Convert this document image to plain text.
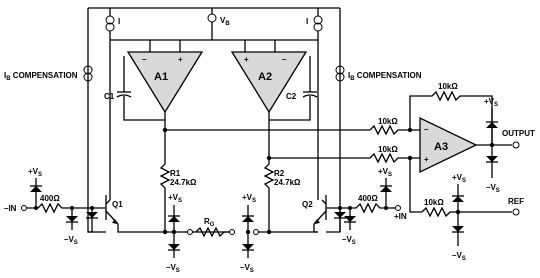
I	I
$V_B$
$I_B$ COMPENSATION	$I_B$ COMPENSATION
–	+
A1
+	–
A2
C1	C2
10kΩ
10kΩ
–
+
A3
10kΩ
OUTPUT
$+V_S$
$-V_S$
10kΩ	REF
$+V_S$
$-V_S$
R1
24.7kΩ
R2
24.7kΩ
$R_G$
$+V_S$
$-V_S$
$+V_S$
$-V_S$
Q1
–IN
400Ω
$+V_S$
$-V_S$
Q2
+IN
400Ω
$-V_S$
$+V_S$
